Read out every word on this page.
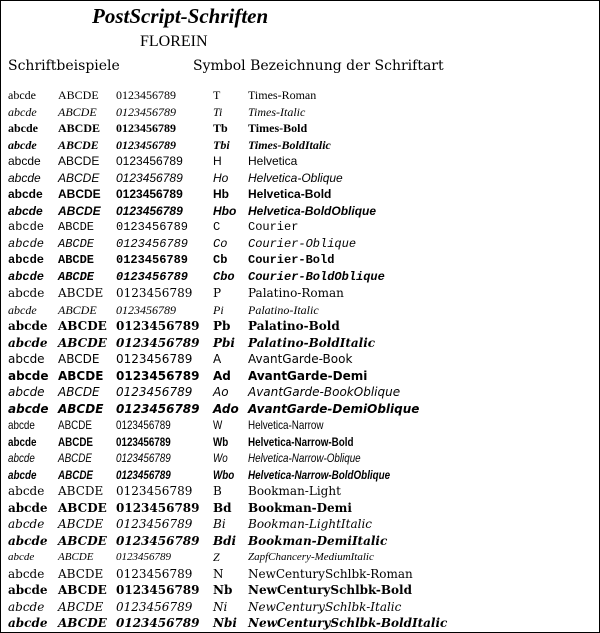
PostScript-Schriften
FLOREIN
Schriftbeispiele	Symbol Bezeichnung der Schriftart
abcde ABCDE 0123456789	T Times-Roman
abcde ABCDE 0123456789	Ti Times-Italic
abcde ABCDE 0123456789	Tb Times-Bold
abcde ABCDE 0123456789	Tbi Times-BoldItalic
abcde ABCDE 0123456789	H Helvetica
abcde ABCDE 0123456789	Ho Helvetica-Oblique
abcde ABCDE 0123456789	Hb Helvetica-Bold
abcde ABCDE 0123456789	Hbo Helvetica-BoldOblique
abcde ABCDE 0123456789 C Courier
abcde ABCDE 0123456789 Co Courier-Oblique
abcde ABCDE 0123456789 Cb Courier-Bold
abcde ABCDE 0123456789 Cbo Courier-BoldOblique
abcde ABCDE 0123456789 P Palatino-Roman
abcde ABCDE 0123456789	Pi Palatino-Italic
abcde ABCDE 0123456789 Pb Palatino-Bold
abcde ABCDE 0123456789 Pbi Palatino-BoldItalic
abcde ABCDE 0123456789 A AvantGarde-Book
abcde ABCDE 0123456789 Ad AvantGarde-Demi
abcde ABCDE 0123456789 Ao AvantGarde-BookOblique
abcde ABCDE 0123456789 Ado AvantGarde-DemiOblique
abcde ABCDE 0123456789	W Helvetica-Narrow
abcde ABCDE 0123456789	Wb Helvetica-Narrow-Bold
abcde ABCDE 0123456789	Wo Helvetica-Narrow-Oblique
abcde ABCDE 0123456789	Wbo Helvetica-Narrow-BoldOblique
abcde ABCDE 0123456789 B Bookman-Light
abcde ABCDE 0123456789 Bd Bookman-Demi
abcde ABCDE 0123456789 Bi Bookman-LightItalic
abcde ABCDE 0123456789 Bdi Bookman-DemiItalic
abcde ABCDE 0123456789	Z	ZapfChancery-MediumItalic
abcde ABCDE 0123456789 N NewCenturySchlbk-Roman
abcde ABCDE 0123456789 Nb NewCenturySchlbk-Bold
abcde ABCDE 0123456789 Ni NewCenturySchlbk-Italic
abcde ABCDE 0123456789 Nbi NewCenturySchlbk-BoldItalic
